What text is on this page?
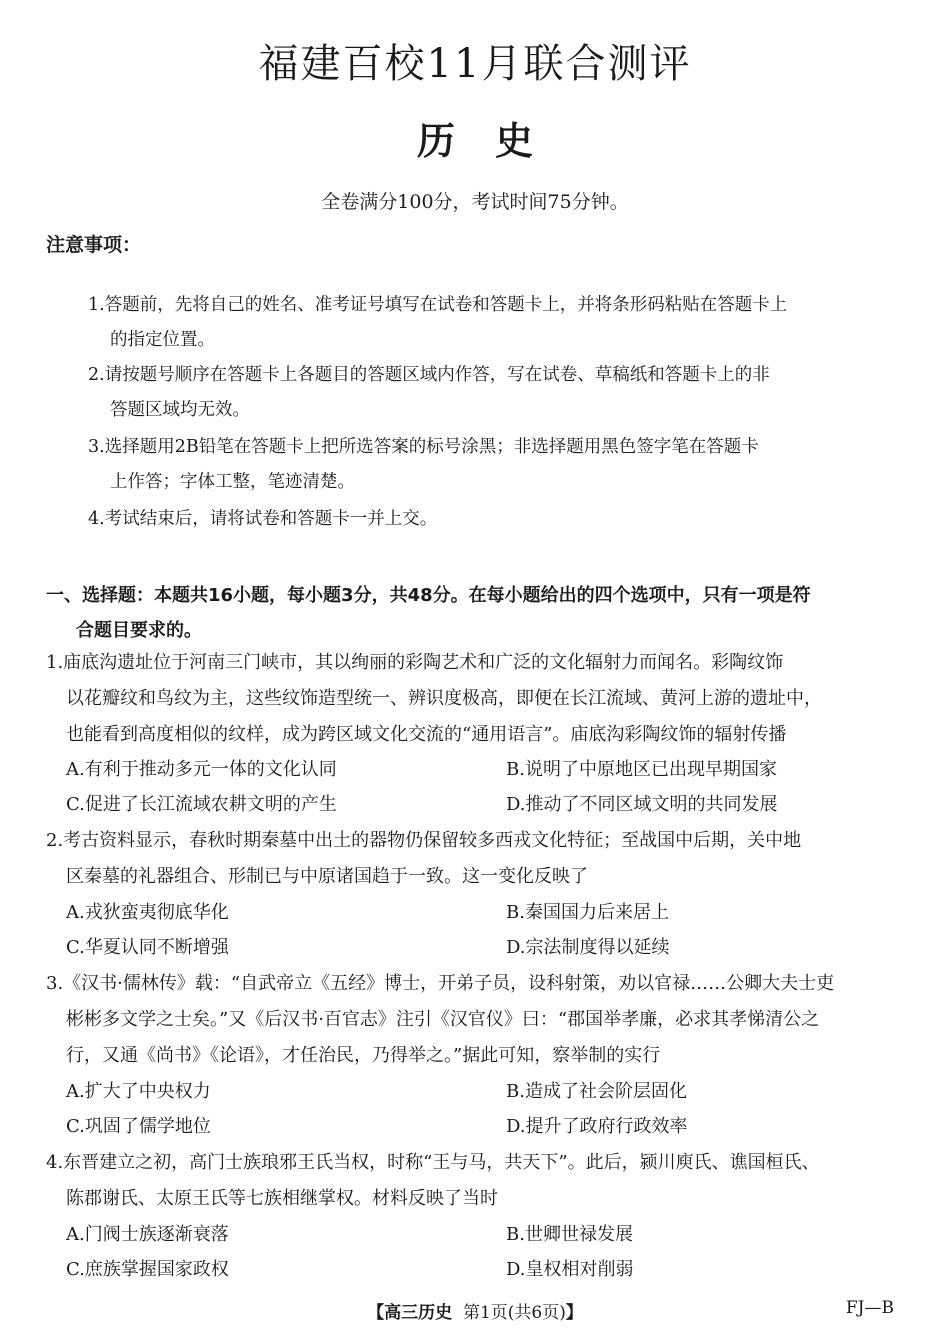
福建百校11月联合测评
历史
全卷满分100分，考试时间75分钟。
注意事项：
1.答题前，先将自己的姓名、准考证号填写在试卷和答题卡上，并将条形码粘贴在答题卡上
的指定位置。
2.请按题号顺序在答题卡上各题目的答题区域内作答，写在试卷、草稿纸和答题卡上的非
答题区域均无效。
3.选择题用2B铅笔在答题卡上把所选答案的标号涂黑；非选择题用黑色签字笔在答题卡
上作答；字体工整，笔迹清楚。
4.考试结束后，请将试卷和答题卡一并上交。
一、选择题：本题共16小题，每小题3分，共48分。在每小题给出的四个选项中，只有一项是符
合题目要求的。
1.庙底沟遗址位于河南三门峡市，其以绚丽的彩陶艺术和广泛的文化辐射力而闻名。彩陶纹饰
以花瓣纹和鸟纹为主，这些纹饰造型统一、辨识度极高，即便在长江流域、黄河上游的遗址中，
也能看到高度相似的纹样，成为跨区域文化交流的“通用语言”。庙底沟彩陶纹饰的辐射传播
A.有利于推动多元一体的文化认同	B.说明了中原地区已出现早期国家
C.促进了长江流域农耕文明的产生	D.推动了不同区域文明的共同发展
2.考古资料显示，春秋时期秦墓中出土的器物仍保留较多西戎文化特征；至战国中后期，关中地
区秦墓的礼器组合、形制已与中原诸国趋于一致。这一变化反映了
A.戎狄蛮夷彻底华化	B.秦国国力后来居上
C.华夏认同不断增强	D.宗法制度得以延续
3.《汉书·儒林传》载：“自武帝立《五经》博士，开弟子员，设科射策，劝以官禄……公卿大夫士吏
彬彬多文学之士矣。”又《后汉书·百官志》注引《汉官仪》曰：“郡国举孝廉，必求其孝悌清公之
行，又通《尚书》《论语》，才任治民，乃得举之。”据此可知，察举制的实行
A.扩大了中央权力	B.造成了社会阶层固化
C.巩固了儒学地位	D.提升了政府行政效率
4.东晋建立之初，高门士族琅邪王氏当权，时称“王与马，共天下”。此后，颍川庾氏、谯国桓氏、
陈郡谢氏、太原王氏等七族相继掌权。材料反映了当时
A.门阀士族逐渐衰落	B.世卿世禄发展
C.庶族掌握国家政权	D.皇权相对削弱
【高三历史 第1页(共6页)】	FJ—B
